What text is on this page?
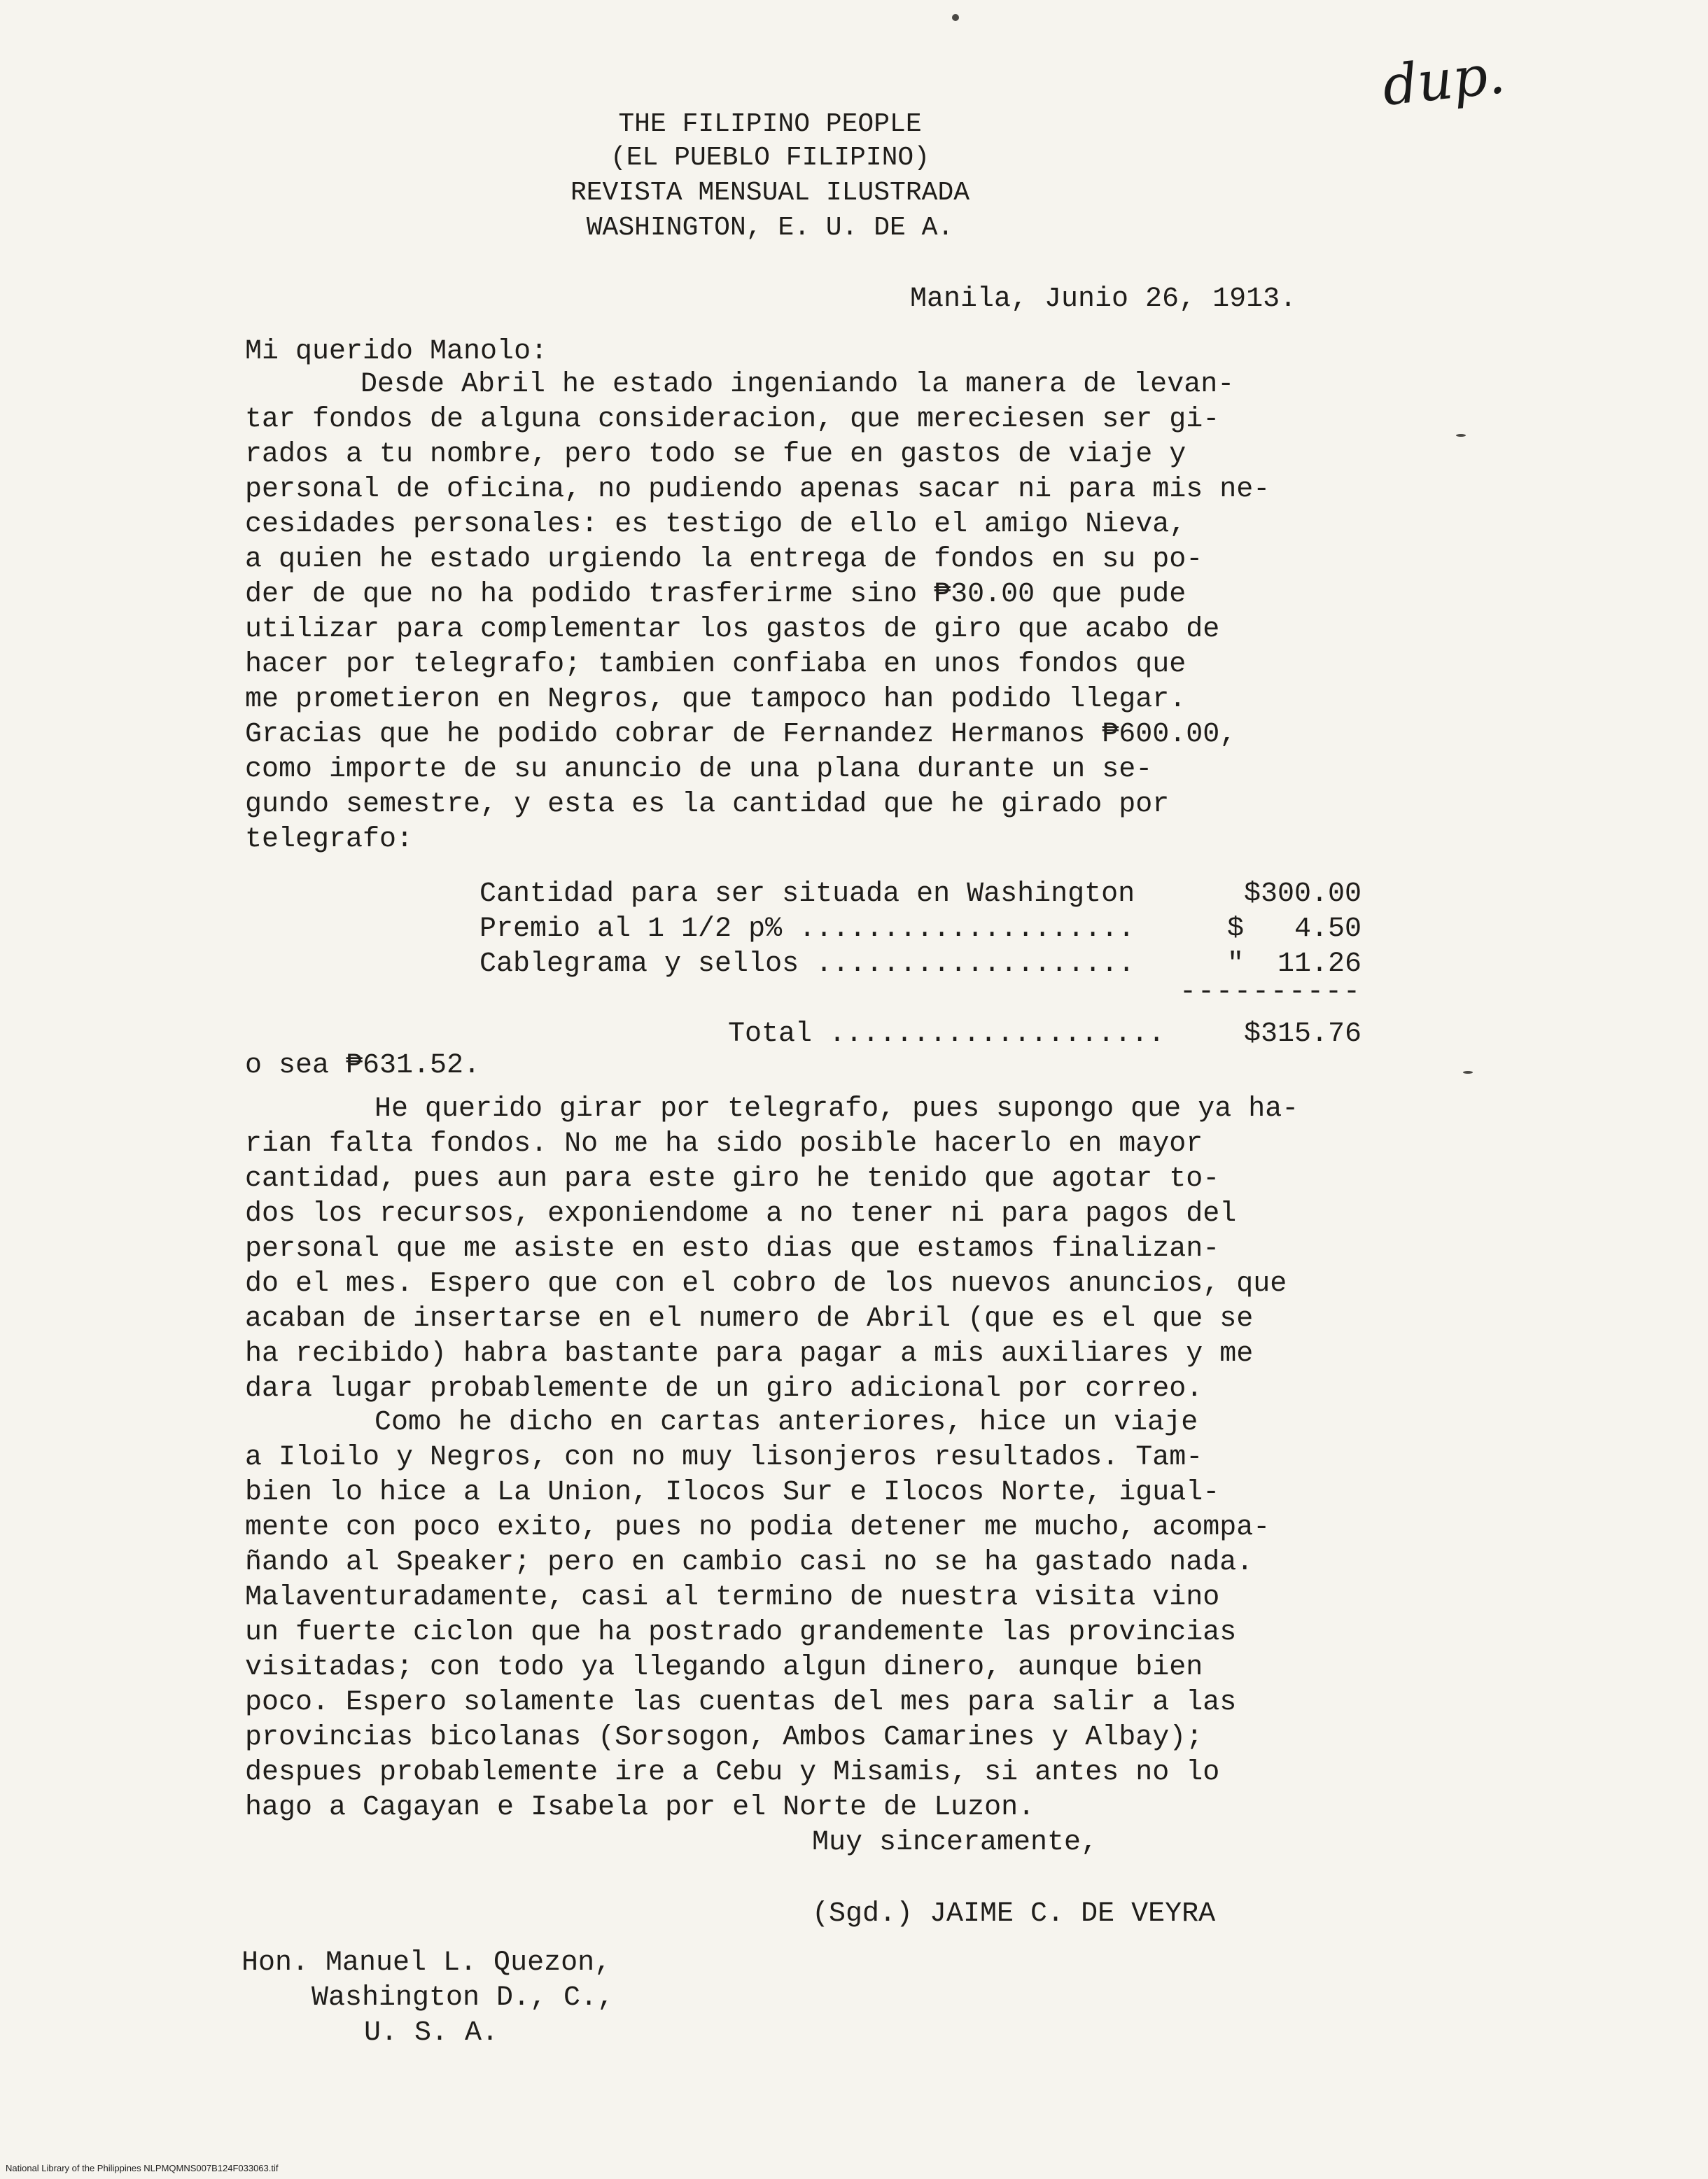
dup.
THE FILIPINO PEOPLE
(EL PUEBLO FILIPINO)
REVISTA MENSUAL ILUSTRADA
WASHINGTON, E. U. DE A.
Manila, Junio 26, 1913.
Mi querido Manolo:
Desde Abril he estado ingeniando la manera de levan-
tar fondos de alguna consideracion, que mereciesen ser gi-
rados a tu nombre, pero todo se fue en gastos de viaje y
personal de oficina, no pudiendo apenas sacar ni para mis ne-
cesidades personales: es testigo de ello el amigo Nieva,
a quien he estado urgiendo la entrega de fondos en su po-
der de que no ha podido trasferirme sino ₱30.00 que pude
utilizar para complementar los gastos de giro que acabo de
hacer por telegrafo; tambien confiaba en unos fondos que
me prometieron en Negros, que tampoco han podido llegar.
Gracias que he podido cobrar de Fernandez Hermanos ₱600.00,
como importe de su anuncio de una plana durante un se-
gundo semestre, y esta es la cantidad que he girado por
telegrafo:
Cantidad para ser situada en Washington	$300.00
Premio al 1 1/2 p% ....................	$   4.50
Cablegrama y sellos ...................	"  11.26
----------
Total ....................	$315.76
o sea ₱631.52.
He querido girar por telegrafo, pues supongo que ya ha-
rian falta fondos. No me ha sido posible hacerlo en mayor
cantidad, pues aun para este giro he tenido que agotar to-
dos los recursos, exponiendome a no tener ni para pagos del
personal que me asiste en esto dias que estamos finalizan-
do el mes. Espero que con el cobro de los nuevos anuncios, que
acaban de insertarse en el numero de Abril (que es el que se
ha recibido) habra bastante para pagar a mis auxiliares y me
dara lugar probablemente de un giro adicional por correo.
Como he dicho en cartas anteriores, hice un viaje
a Iloilo y Negros, con no muy lisonjeros resultados. Tam-
bien lo hice a La Union, Ilocos Sur e Ilocos Norte, igual-
mente con poco exito, pues no podia detener me mucho, acompa-
ñando al Speaker; pero en cambio casi no se ha gastado nada.
Malaventuradamente, casi al termino de nuestra visita vino
un fuerte ciclon que ha postrado grandemente las provincias
visitadas; con todo ya llegando algun dinero, aunque bien
poco. Espero solamente las cuentas del mes para salir a las
provincias bicolanas (Sorsogon, Ambos Camarines y Albay);
despues probablemente ire a Cebu y Misamis, si antes no lo
hago a Cagayan e Isabela por el Norte de Luzon.
Muy sinceramente,
(Sgd.) JAIME C. DE VEYRA
Hon. Manuel L. Quezon,
Washington D., C.,
U. S. A.
National Library of the Philippines NLPMQMNS007B124F033063.tif
